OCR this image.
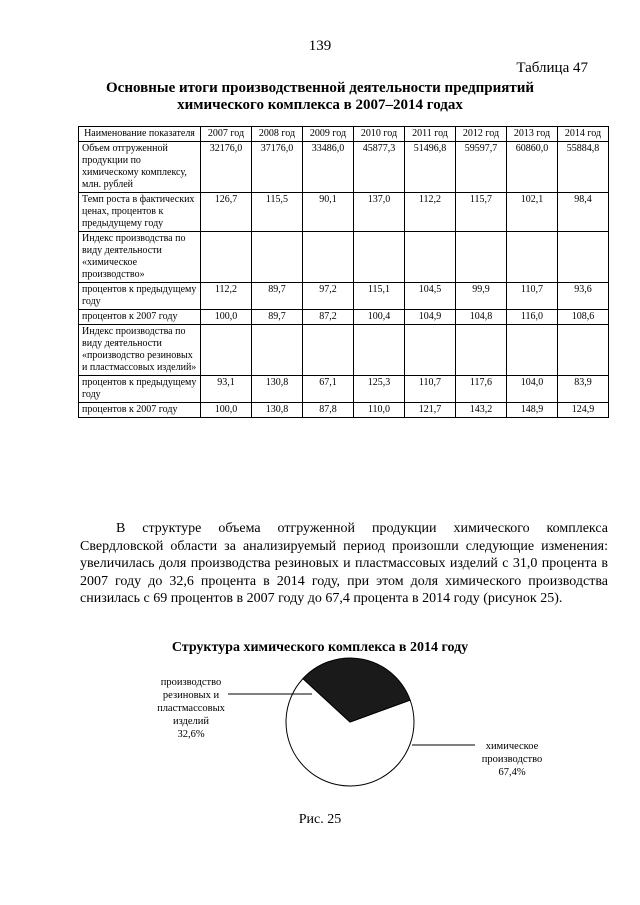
139
Таблица 47
Основные итоги производственной деятельности предприятий
химического комплекса в 2007–2014 годах
Наименование показателя	2007 год	2008 год	2009 год	2010 год	2011 год	2012 год	2013 год	2014 год
Объем отгруженной продукции по химическому комплексу, млн. рублей	32176,0	37176,0	33486,0	45877,3	51496,8	59597,7	60860,0	55884,8
Темп роста в фактических ценах, процентов к предыдущему году	126,7	115,5	90,1	137,0	112,2	115,7	102,1	98,4
Индекс производства по виду деятельности «химическое производство»								
процентов к предыдущему году	112,2	89,7	97,2	115,1	104,5	99,9	110,7	93,6
процентов к 2007 году	100,0	89,7	87,2	100,4	104,9	104,8	116,0	108,6
Индекс производства по виду деятельности «производство резиновых и пластмассовых изделий»								
процентов к предыдущему году	93,1	130,8	67,1	125,3	110,7	117,6	104,0	83,9
процентов к 2007 году	100,0	130,8	87,8	110,0	121,7	143,2	148,9	124,9
В структуре объема отгруженной продукции химического комплекса Свердловской области за анализируемый период произошли следующие изменения: увеличилась доля производства резиновых и пластмассовых изделий с 31,0 процента в 2007 году до 32,6 процента в 2014 году, при этом доля химического производства снизилась с 69 процентов в 2007 году до 67,4 процента в 2014 году (рисунок 25).
Структура химического комплекса в 2014 году
производство резиновых и пластмассовых изделий
32,6%
химическое производство
67,4%
Рис. 25
